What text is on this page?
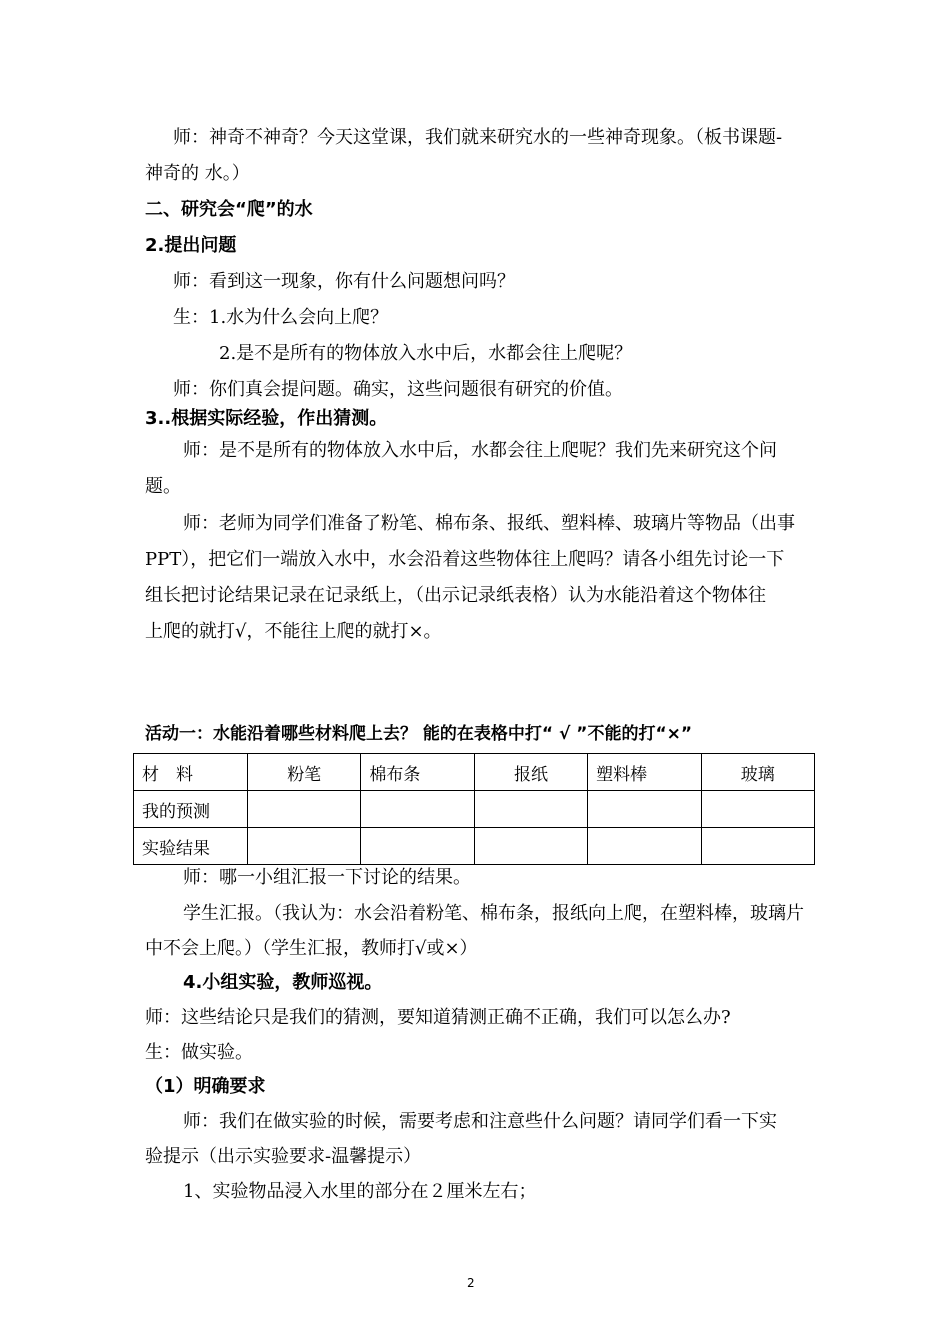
师：神奇不神奇？今天这堂课，我们就来研究水的一些神奇现象。（板书课题-
神奇的 水。）
二、研究会“爬”的水
2.提出问题
师：看到这一现象，你有什么问题想问吗？
生：1.水为什么会向上爬？
2.是不是所有的物体放入水中后，水都会往上爬呢？
师：你们真会提问题。确实，这些问题很有研究的价值。
3..根据实际经验，作出猜测。
师：是不是所有的物体放入水中后，水都会往上爬呢？我们先来研究这个问
题。
师：老师为同学们准备了粉笔、棉布条、报纸、塑料棒、玻璃片等物品（出事
PPT），把它们一端放入水中，水会沿着这些物体往上爬吗？请各小组先讨论一下
组长把讨论结果记录在记录纸上，（出示记录纸表格）认为水能沿着这个物体往
上爬的就打√，不能往上爬的就打×。
活动一：水能沿着哪些材料爬上去？ 能的在表格中打“ √ ”不能的打“×”
材　料	粉笔	棉布条	报纸	塑料棒	玻璃
我的预测					
实验结果					
师：哪一小组汇报一下讨论的结果。
学生汇报。（我认为：水会沿着粉笔、棉布条，报纸向上爬，在塑料棒，玻璃片
中不会上爬。）（学生汇报，教师打√或×）
4.小组实验，教师巡视。
师：这些结论只是我们的猜测，要知道猜测正确不正确，我们可以怎么办?
生：做实验。
（1）明确要求
师：我们在做实验的时候，需要考虑和注意些什么问题？请同学们看一下实
验提示（出示实验要求-温馨提示）
1、实验物品浸入水里的部分在２厘米左右；
2
